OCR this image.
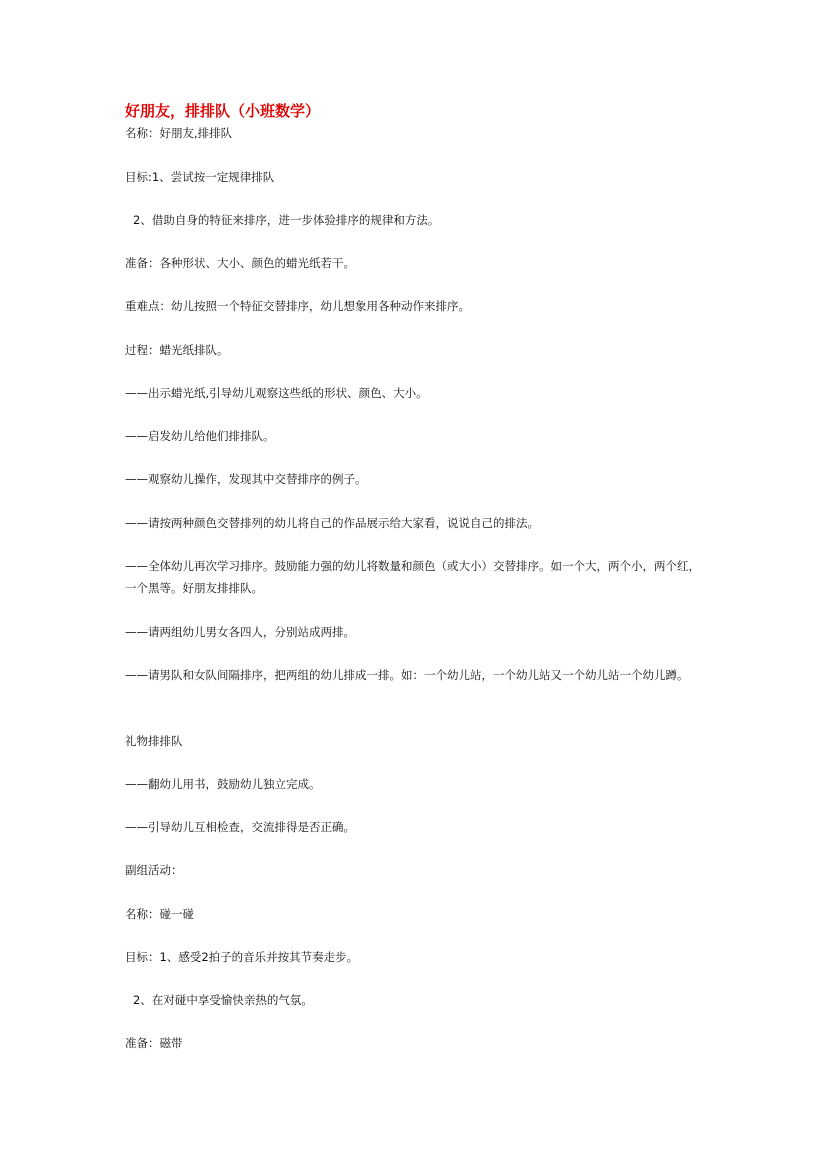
好朋友，排排队（小班数学）
名称：好朋友,排排队
目标:1、尝试按一定规律排队
2、借助自身的特征来排序，进一步体验排序的规律和方法。
准备：各种形状、大小、颜色的蜡光纸若干。
重难点：幼儿按照一个特征交替排序，幼儿想象用各种动作来排序。
过程：蜡光纸排队。
——出示蜡光纸,引导幼儿观察这些纸的形状、颜色、大小。
——启发幼儿给他们排排队。
——观察幼儿操作，发现其中交替排序的例子。
——请按两种颜色交替排列的幼儿将自己的作品展示给大家看，说说自己的排法。
——全体幼儿再次学习排序。鼓励能力强的幼儿将数量和颜色（或大小）交替排序。如一个大，两个小，两个红，一个黑等。好朋友排排队。
——请两组幼儿男女各四人，分别站成两排。
——请男队和女队间隔排序，把两组的幼儿排成一排。如：一个幼儿站，一个幼儿站又一个幼儿站一个幼儿蹲。
礼物排排队
——翻幼儿用书，鼓励幼儿独立完成。
——引导幼儿互相检查，交流排得是否正确。
副组活动：
名称：碰一碰
目标：1、感受2拍子的音乐并按其节奏走步。
2、在对碰中享受愉快亲热的气氛。
准备：磁带
